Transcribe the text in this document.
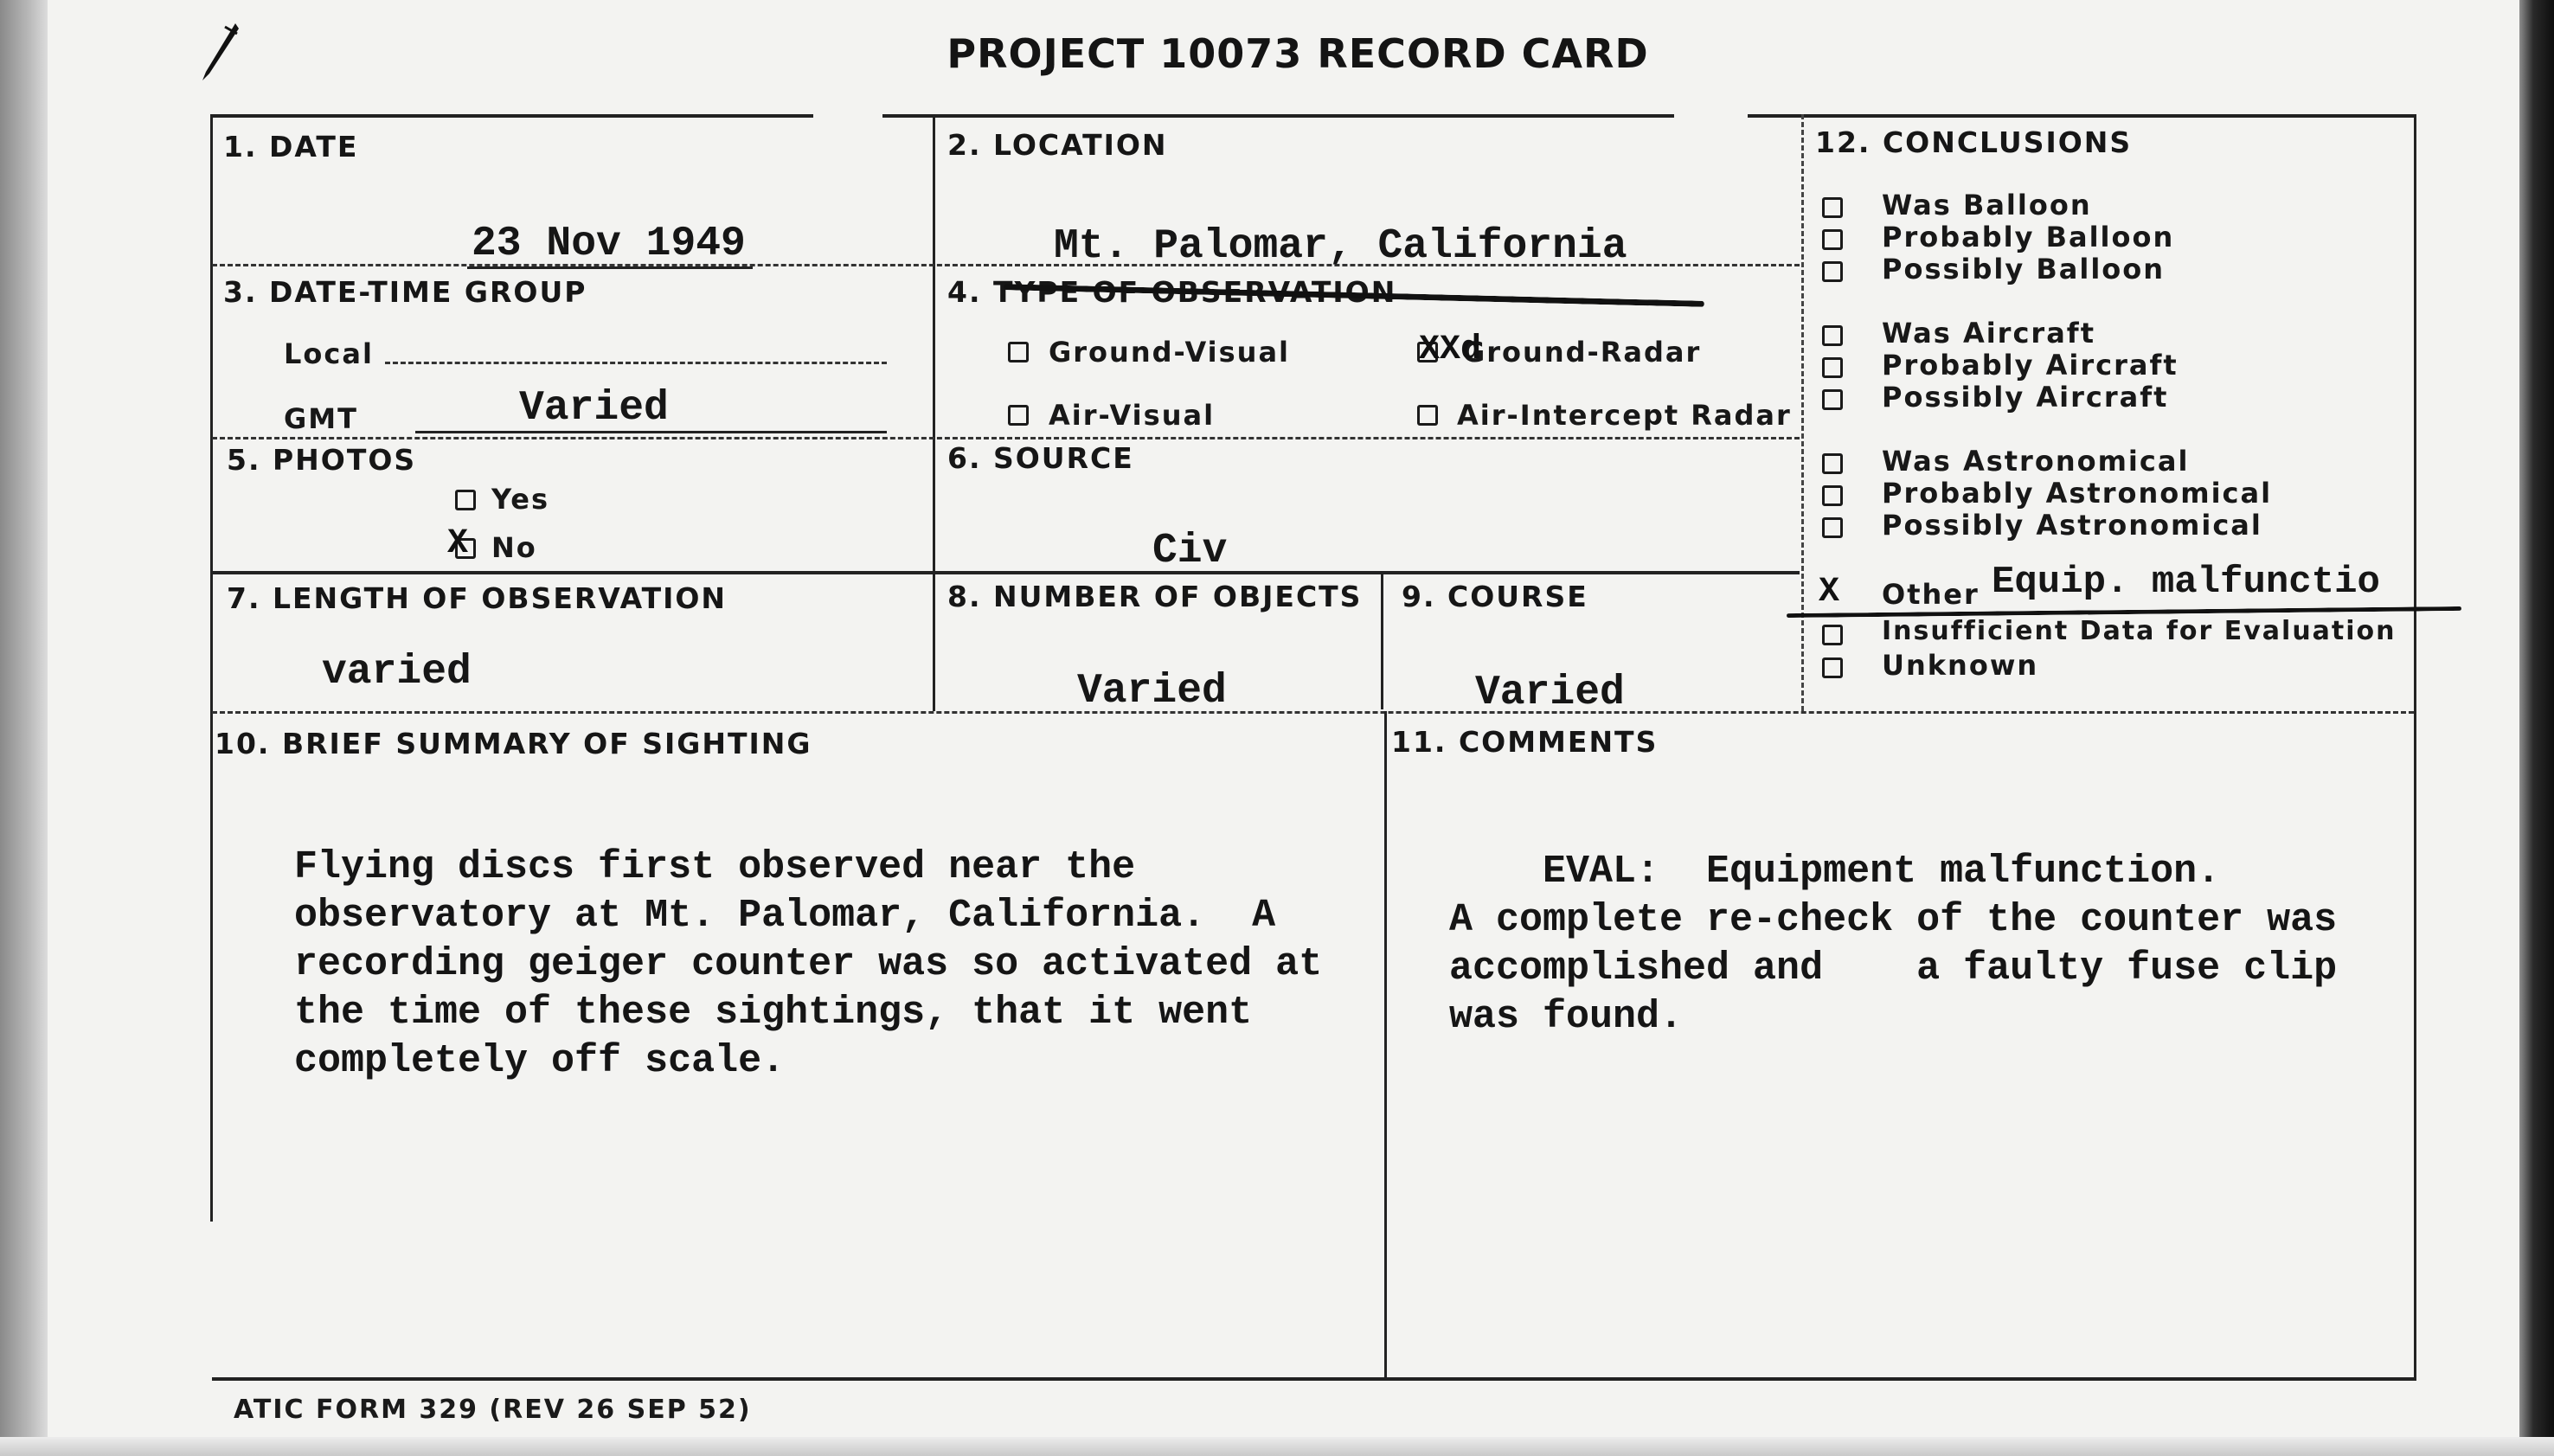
PROJECT 10073 RECORD CARD
1. DATE
23 Nov 1949
2. LOCATION
Mt. Palomar, California
3. DATE-TIME GROUP
Local
GMT	Varied
4. TYPE OF OBSERVATION
Ground-Visual	Ground-Radar
XXd
Air-Visual	Air-Intercept Radar
5. PHOTOS
Yes
X No
6. SOURCE
Civ
7. LENGTH OF OBSERVATION
varied
8. NUMBER OF OBJECTS
Varied
9. COURSE
Varied
10. BRIEF SUMMARY OF SIGHTING
Flying discs first observed near the
observatory at Mt. Palomar, California.  A
recording geiger counter was so activated at
the time of these sightings, that it went
completely off scale.
11. COMMENTS
EVAL:  Equipment malfunction.
A complete re-check of the counter was
accomplished and    a faulty fuse clip
was found.
12. CONCLUSIONS
Was Balloon
Probably Balloon
Possibly Balloon
Was Aircraft
Probably Aircraft
Possibly Aircraft
Was Astronomical
Probably Astronomical
Possibly Astronomical
X Other Equip. malfunctio
Insufficient Data for Evaluation
Unknown
ATIC FORM 329 (REV 26 SEP 52)
